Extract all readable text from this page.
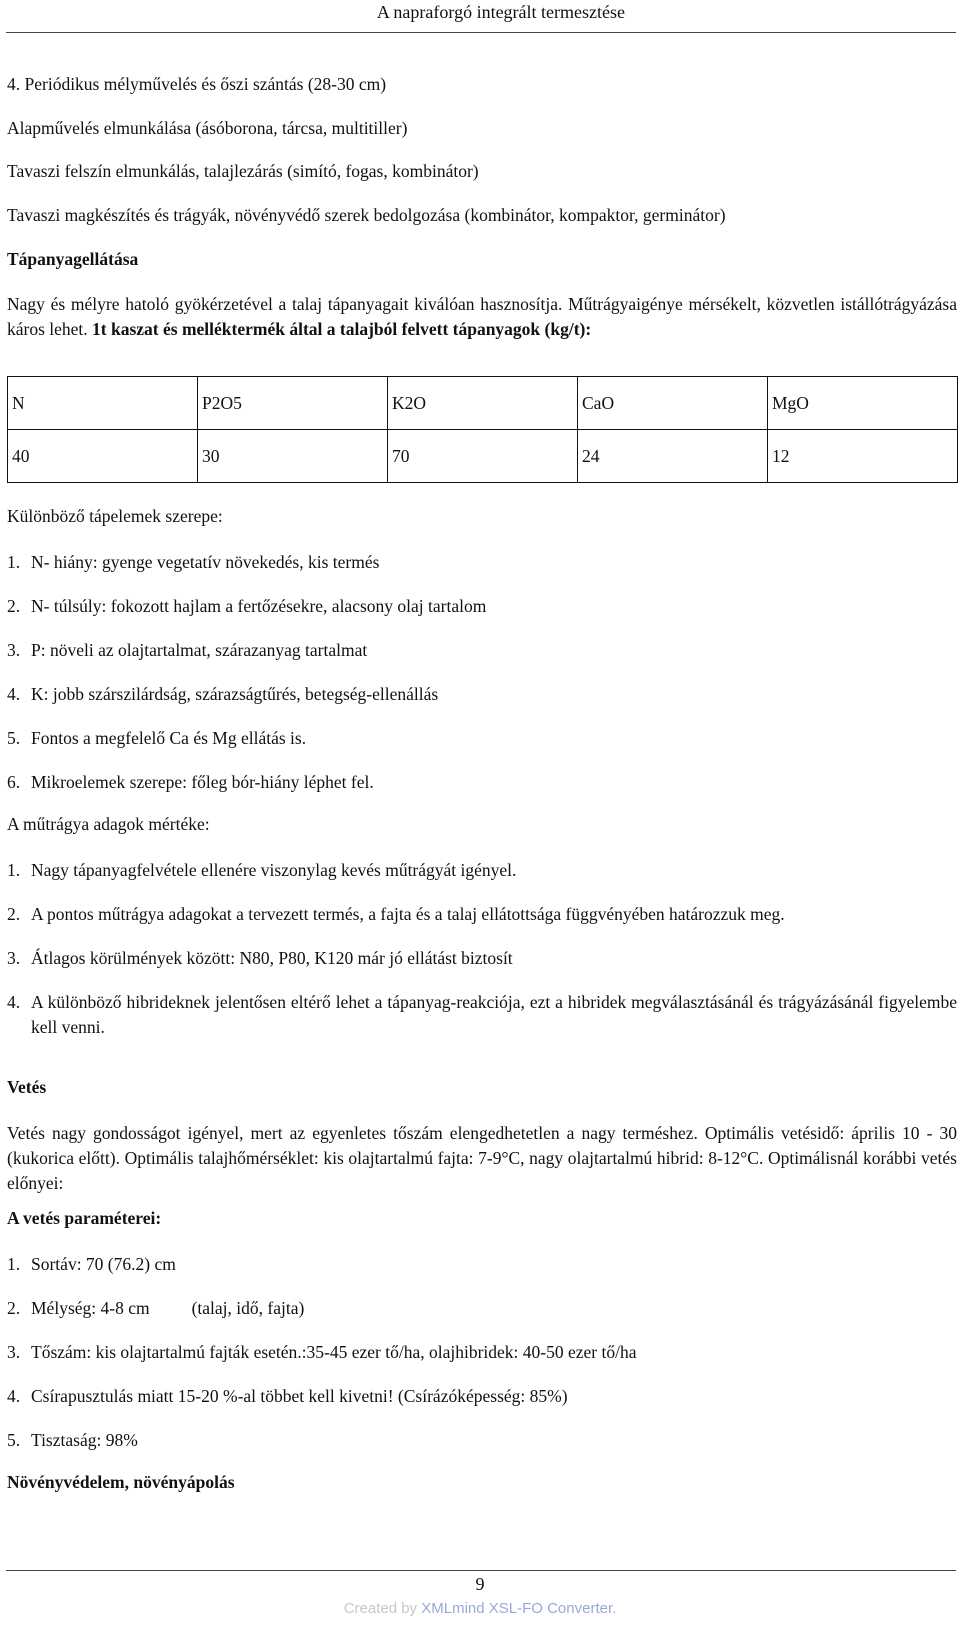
A napraforgó integrált termesztése
4. Periódikus mélyművelés és őszi szántás (28-30 cm)
Alapművelés elmunkálása (ásóborona, tárcsa, multitiller)
Tavaszi felszín elmunkálás, talajlezárás (simító, fogas, kombinátor)
Tavaszi magkészítés és trágyák, növényvédő szerek bedolgozása (kombinátor, kompaktor, germinátor)
Tápanyagellátása
Nagy és mélyre hatoló gyökérzetével a talaj tápanyagait kiválóan hasznosítja. Műtrágyaigénye mérsékelt, közvetlen istállótrágyázása káros lehet. 1t kaszat és melléktermék által a talajból felvett tápanyagok (kg/t):
N	P2O5	K2O	CaO	MgO
40	30	70	24	12
Különböző tápelemek szerepe:
1. N- hiány: gyenge vegetatív növekedés, kis termés
2. N- túlsúly: fokozott hajlam a fertőzésekre, alacsony olaj tartalom
3. P: növeli az olajtartalmat, szárazanyag tartalmat
4. K: jobb szárszilárdság, szárazságtűrés, betegség-ellenállás
5. Fontos a megfelelő Ca és Mg ellátás is.
6. Mikroelemek szerepe: főleg bór-hiány léphet fel.
A műtrágya adagok mértéke:
1. Nagy tápanyagfelvétele ellenére viszonylag kevés műtrágyát igényel.
2. A pontos műtrágya adagokat a tervezett termés, a fajta és a talaj ellátottsága függvényében határozzuk meg.
3. Átlagos körülmények között: N80, P80, K120 már jó ellátást biztosít
4. A különböző hibrideknek jelentősen eltérő lehet a tápanyag-reakciója, ezt a hibridek megválasztásánál és trágyázásánál figyelembe kell venni.
Vetés
Vetés nagy gondosságot igényel, mert az egyenletes tőszám elengedhetetlen a nagy terméshez. Optimális vetésidő: április 10 - 30 (kukorica előtt). Optimális talajhőmérséklet: kis olajtartalmú fajta: 7-9°C, nagy olajtartalmú hibrid: 8-12°C. Optimálisnál korábbi vetés előnyei:
A vetés paraméterei:
1. Sortáv: 70 (76.2) cm
2. Mélység: 4-8 cm (talaj, idő, fajta)
3. Tőszám: kis olajtartalmú fajták esetén.:35-45 ezer tő/ha, olajhibridek: 40-50 ezer tő/ha
4. Csírapusztulás miatt 15-20 %-al többet kell kivetni! (Csírázóképesség: 85%)
5. Tisztaság: 98%
Növényvédelem, növényápolás
9
Created by XMLmind XSL-FO Converter.
